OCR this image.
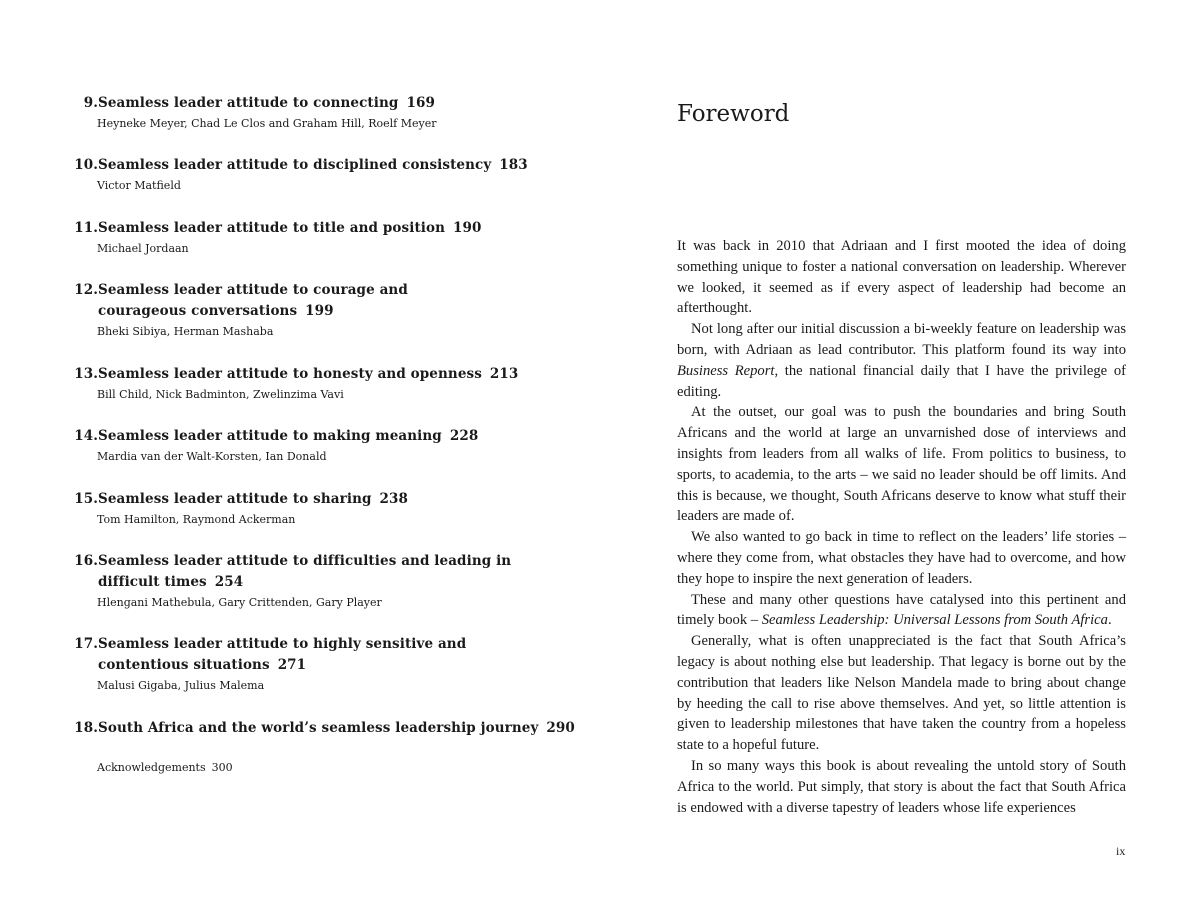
9. Seamless leader attitude to connecting 169
Heyneke Meyer, Chad Le Clos and Graham Hill, Roelf Meyer
10. Seamless leader attitude to disciplined consistency 183
Victor Matfield
11. Seamless leader attitude to title and position 190
Michael Jordaan
12. Seamless leader attitude to courage and
courageous conversations 199
Bheki Sibiya, Herman Mashaba
13. Seamless leader attitude to honesty and openness 213
Bill Child, Nick Badminton, Zwelinzima Vavi
14. Seamless leader attitude to making meaning 228
Mardia van der Walt-Korsten, Ian Donald
15. Seamless leader attitude to sharing 238
Tom Hamilton, Raymond Ackerman
16. Seamless leader attitude to difficulties and leading in
difficult times 254
Hlengani Mathebula, Gary Crittenden, Gary Player
17. Seamless leader attitude to highly sensitive and
contentious situations 271
Malusi Gigaba, Julius Malema
18. South Africa and the world’s seamless leadership journey 290
Acknowledgements 300
Foreword

It was back in 2010 that Adriaan and I first mooted the idea of doing something unique to foster a national conversation on leadership. Wherever we looked, it seemed as if every aspect of leadership had become an afterthought.

Not long after our initial discussion a bi-weekly feature on leadership was born, with Adriaan as lead contributor. This platform found its way into Business Report, the national financial daily that I have the privilege of editing.

At the outset, our goal was to push the boundaries and bring South Africans and the world at large an unvarnished dose of interviews and insights from leaders from all walks of life. From politics to business, to sports, to academia, to the arts – we said no leader should be off limits. And this is because, we thought, South Africans deserve to know what stuff their leaders are made of.

We also wanted to go back in time to reflect on the leaders’ life stories – where they come from, what obstacles they have had to overcome, and how they hope to inspire the next generation of leaders.

These and many other questions have catalysed into this pertinent and timely book – Seamless Leadership: Universal Lessons from South Africa.

Generally, what is often unappreciated is the fact that South Africa’s legacy is about nothing else but leadership. That legacy is borne out by the contribution that leaders like Nelson Mandela made to bring about change by heeding the call to rise above themselves. And yet, so little attention is given to leadership milestones that have taken the country from a hopeless state to a hopeful future.

In so many ways this book is about revealing the untold story of South Africa to the world. Put simply, that story is about the fact that South Africa is endowed with a diverse tapestry of leaders whose life experiences

ix
